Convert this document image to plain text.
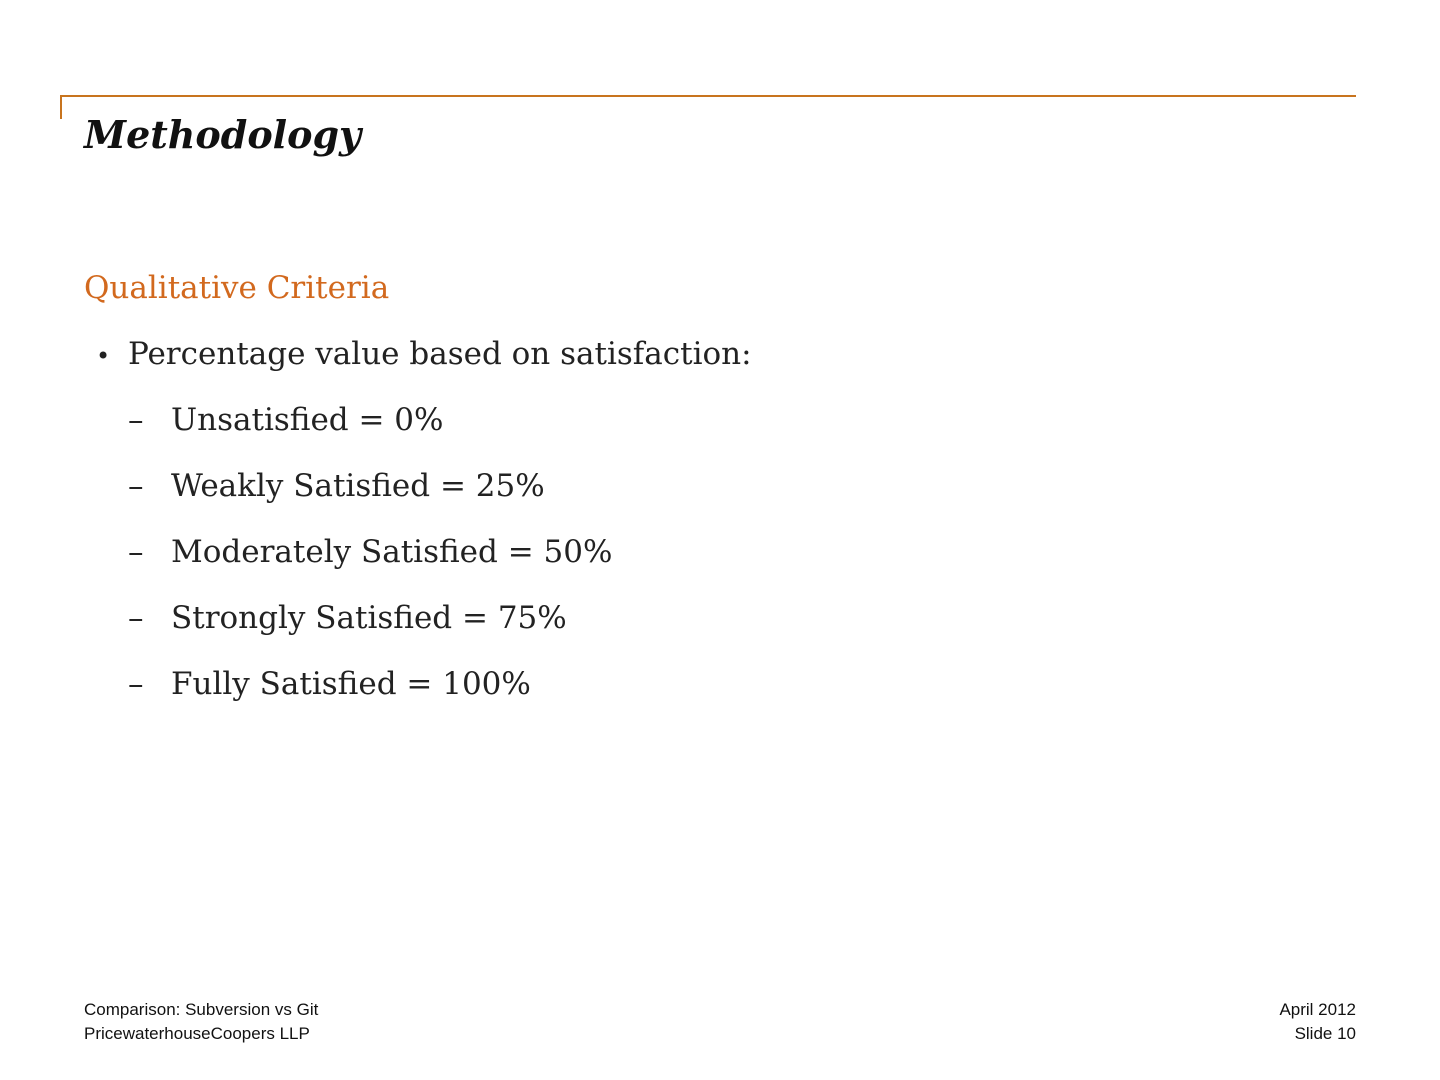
Methodology
Qualitative Criteria
• Percentage value based on satisfaction:
– Unsatisfied = 0%
– Weakly Satisfied = 25%
– Moderately Satisfied = 50%
– Strongly Satisfied = 75%
– Fully Satisfied = 100%
Comparison: Subversion vs Git
PricewaterhouseCoopers LLP
April 2012
Slide 10
